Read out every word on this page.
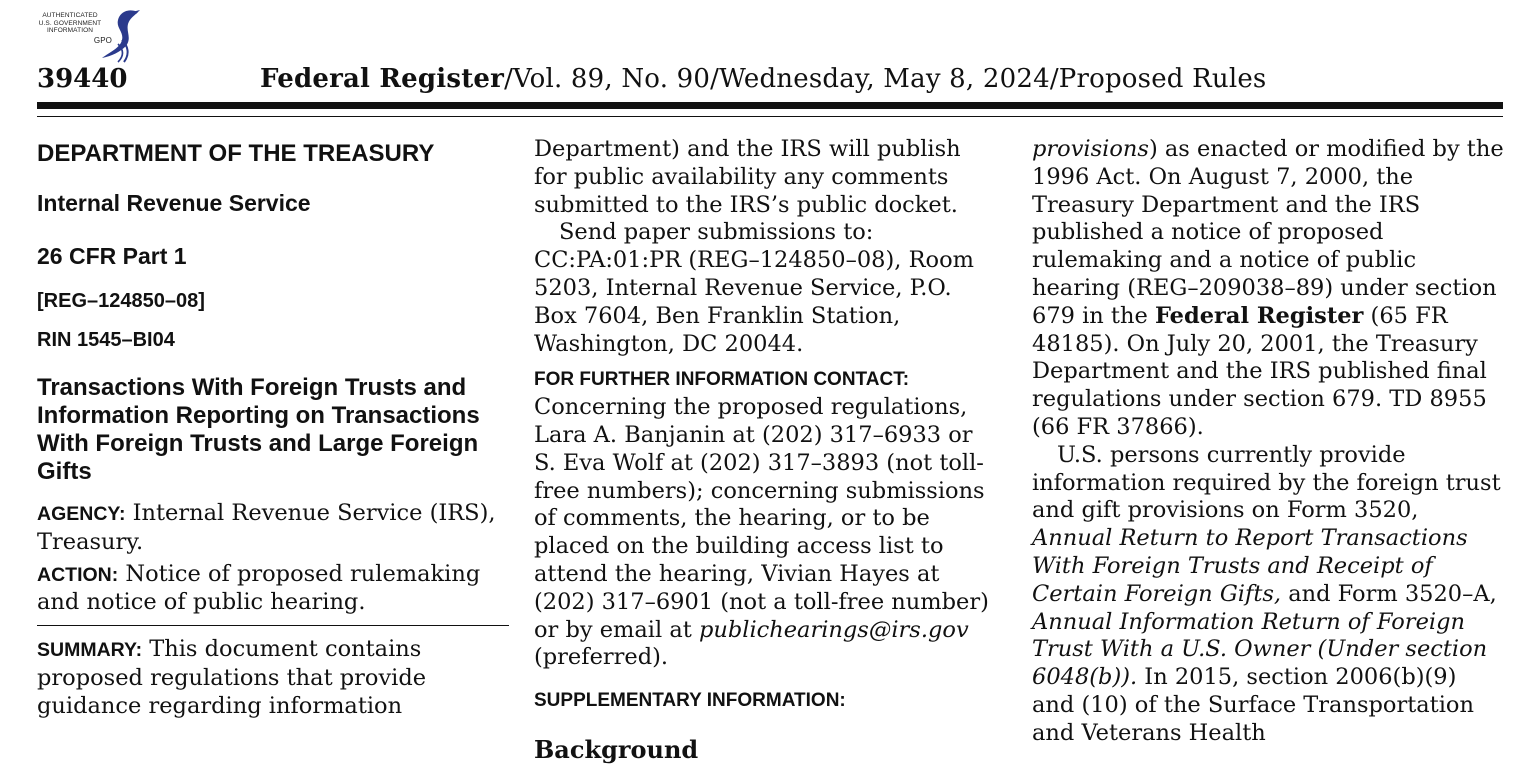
AUTHENTICATED
U.S. GOVERNMENT
INFORMATION
GPO
39440	Federal Register/Vol. 89, No. 90/Wednesday, May 8, 2024/Proposed Rules
DEPARTMENT OF THE TREASURY
Internal Revenue Service
26 CFR Part 1
[REG–124850–08]
RIN 1545–BI04
Transactions With Foreign Trusts and Information Reporting on Transactions With Foreign Trusts and Large Foreign Gifts
AGENCY: Internal Revenue Service (IRS), Treasury.
ACTION: Notice of proposed rulemaking and notice of public hearing.
SUMMARY: This document contains proposed regulations that provide guidance regarding information
Department) and the IRS will publish for public availability any comments submitted to the IRS’s public docket.
Send paper submissions to: CC:PA:01:PR (REG–124850–08), Room 5203, Internal Revenue Service, P.O. Box 7604, Ben Franklin Station, Washington, DC 20044.
FOR FURTHER INFORMATION CONTACT:
Concerning the proposed regulations, Lara A. Banjanin at (202) 317–6933 or S. Eva Wolf at (202) 317–3893 (not toll-free numbers); concerning submissions of comments, the hearing, or to be placed on the building access list to attend the hearing, Vivian Hayes at (202) 317–6901 (not a toll-free number) or by email at publichearings@irs.gov (preferred).
SUPPLEMENTARY INFORMATION:
Background
provisions) as enacted or modified by the 1996 Act. On August 7, 2000, the Treasury Department and the IRS published a notice of proposed rulemaking and a notice of public hearing (REG–209038–89) under section 679 in the Federal Register (65 FR 48185). On July 20, 2001, the Treasury Department and the IRS published final regulations under section 679. TD 8955 (66 FR 37866).
U.S. persons currently provide information required by the foreign trust and gift provisions on Form 3520, Annual Return to Report Transactions With Foreign Trusts and Receipt of Certain Foreign Gifts, and Form 3520–A, Annual Information Return of Foreign Trust With a U.S. Owner (Under section 6048(b)). In 2015, section 2006(b)(9) and (10) of the Surface Transportation and Veterans Health
